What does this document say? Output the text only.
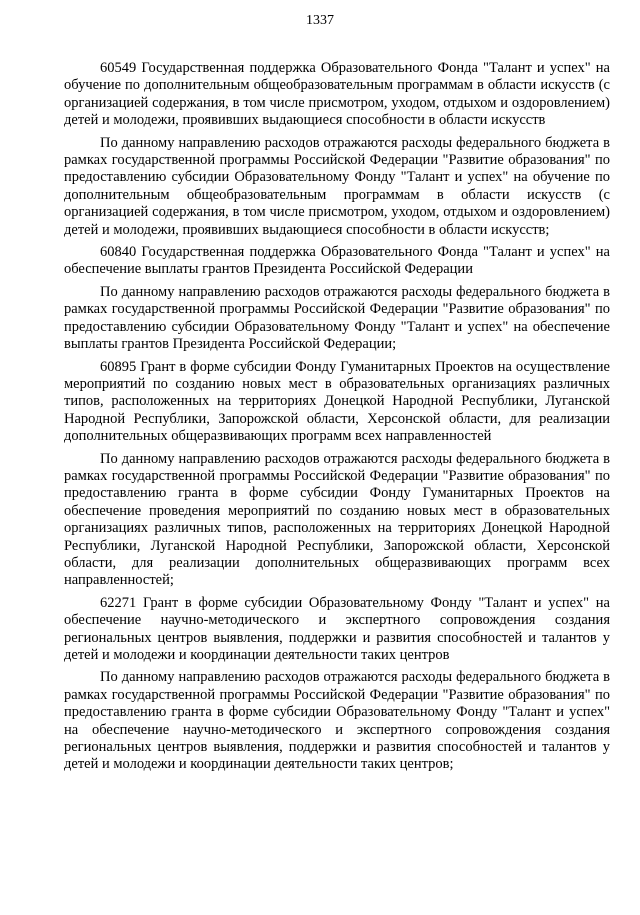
1337

60549 Государственная поддержка Образовательного Фонда "Талант и успех" на обучение по дополнительным общеобразовательным программам в области искусств (с организацией содержания, в том числе присмотром, уходом, отдыхом и оздоровлением) детей и молодежи, проявивших выдающиеся способности в области искусств

По данному направлению расходов отражаются расходы федерального бюджета в рамках государственной программы Российской Федерации "Развитие образования" по предоставлению субсидии Образовательному Фонду "Талант и успех" на обучение по дополнительным общеобразовательным программам в области искусств (с организацией содержания, в том числе присмотром, уходом, отдыхом и оздоровлением) детей и молодежи, проявивших выдающиеся способности в области искусств;

60840 Государственная поддержка Образовательного Фонда "Талант и успех" на обеспечение выплаты грантов Президента Российской Федерации

По данному направлению расходов отражаются расходы федерального бюджета в рамках государственной программы Российской Федерации "Развитие образования" по предоставлению субсидии Образовательному Фонду "Талант и успех" на обеспечение выплаты грантов Президента Российской Федерации;

60895 Грант в форме субсидии Фонду Гуманитарных Проектов на осуществление мероприятий по созданию новых мест в образовательных организациях различных типов, расположенных на территориях Донецкой Народной Республики, Луганской Народной Республики, Запорожской области, Херсонской области, для реализации дополнительных общеразвивающих программ всех направленностей

По данному направлению расходов отражаются расходы федерального бюджета в рамках государственной программы Российской Федерации "Развитие образования" по предоставлению гранта в форме субсидии Фонду Гуманитарных Проектов на обеспечение проведения мероприятий по созданию новых мест в образовательных организациях различных типов, расположенных на территориях Донецкой Народной Республики, Луганской Народной Республики, Запорожской области, Херсонской области, для реализации дополнительных общеразвивающих программ всех направленностей;

62271 Грант в форме субсидии Образовательному Фонду "Талант и успех" на обеспечение научно-методического и экспертного сопровождения создания региональных центров выявления, поддержки и развития способностей и талантов у детей и молодежи и координации деятельности таких центров

По данному направлению расходов отражаются расходы федерального бюджета в рамках государственной программы Российской Федерации "Развитие образования" по предоставлению гранта в форме субсидии Образовательному Фонду "Талант и успех" на обеспечение научно-методического и экспертного сопровождения создания региональных центров выявления, поддержки и развития способностей и талантов у детей и молодежи и координации деятельности таких центров;
